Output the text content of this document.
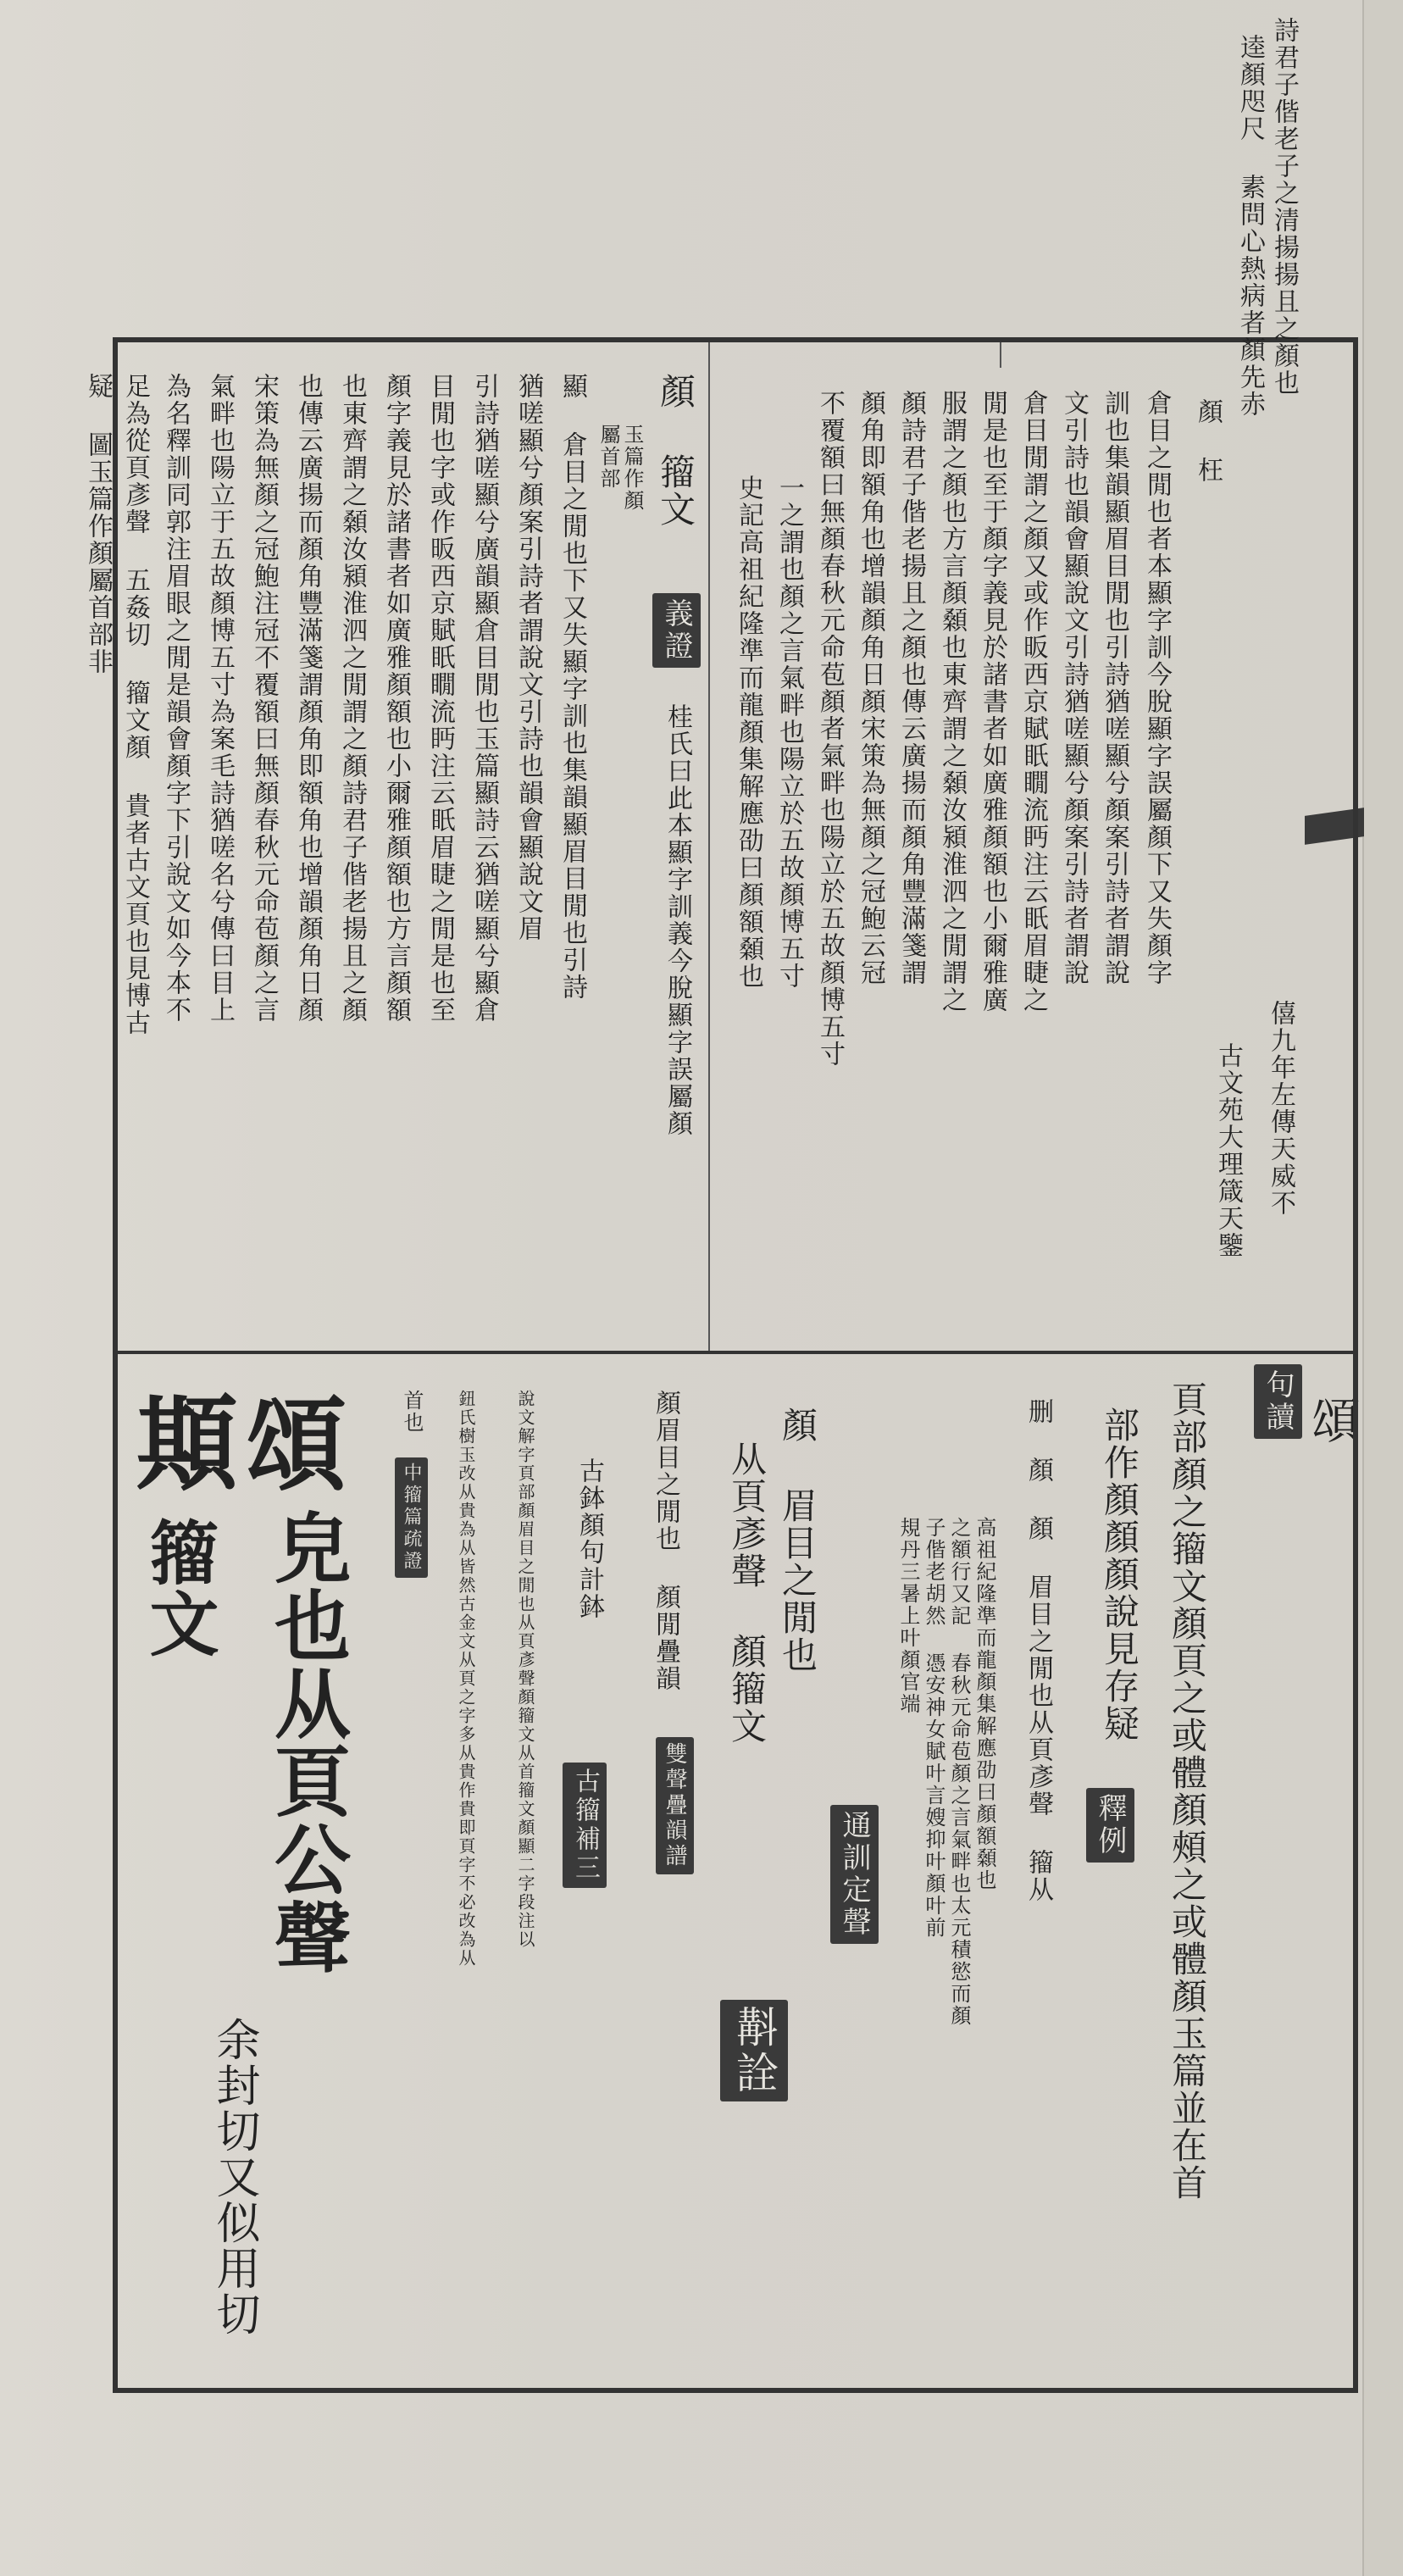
頌
詩君子偕老子之清揚揚且之顏也
逵顏咫尺 素問心熱病者顏先赤
古文苑大理箴天鑒 僖九年左傳天威不
顏 枉
倉目之閒也者本顯字訓今脫顯字誤屬顏下又失顏字
訓也集韻顯眉目閒也引詩猶嗟顯兮顏案引詩者謂說
文引詩也韻會顯說文引詩猶嗟顯兮顏案引詩者謂說
倉目閒謂之顏又或作昄西京賦眂瞯流眄注云眂眉睫之
閒是也至于顏字義見於諸書者如廣雅顏額也小爾雅廣
服謂之顏也方言顏顙也東齊謂之顙汝潁淮泗之閒謂之
顏詩君子偕老揚且之顏也傳云廣揚而顏角豐滿箋謂
顏角即額角也增韻顏角日顏宋策為無顏之冠鮑云冠
不覆額曰無顏春秋元命苞顏者氣畔也陽立於五故顏博五寸
一之謂也顏之言氣畔也陽立於五故顏博五寸
史記高祖紀隆準而龍顏集解應劭曰顏額顙也
義證
顏 籀文
玉篇作顏
屬首部
桂氏曰此本顯字訓義今脫顯字誤屬顏
顯 倉目之閒也下又失顯字訓也集韻顯眉目閒也引詩
猶嗟顯兮顏案引詩者謂說文引詩也韻會顯說文眉
引詩猶嗟顯兮廣韻顯倉目閒也玉篇顯詩云猶嗟顯兮顯倉
目閒也字或作昄西京賦眂瞯流眄注云眂眉睫之閒是也至
顏字義見於諸書者如廣雅顏額也小爾雅顏額也方言顏額
也東齊謂之顙汝潁淮泗之閒謂之顏詩君子偕老揚且之顏
也傳云廣揚而顏角豐滿箋謂顏角即額角也增韻顏角日顏
宋策為無顏之冠鮑注冠不覆額曰無顏春秋元命苞顏之言
氣畔也陽立于五故顏博五寸為案毛詩猶嗟名兮傳曰目上
為名釋訓同郭注眉眼之閒是韻會顏字下引說文如今本不
足為從頁彥聲 五姦切 籀文顏 貴者古文頁也見博古
疑 圖玉篇作顏屬首部非
句讀
頁部顏之籀文顏頁之或體顏頰之或體顏玉篇並在首
部作顏顏顏說見存疑
釋例
删 顏 顏 眉目之閒也从頁彥聲 籀从
高祖紀隆準而龍顏集解應劭曰顏額顙也
之額行又記 春秋元命苞顏之言氣畔也太元積慾而顏
子偕老胡然 憑安神女賦叶言嫂抑叶顏叶前
規丹三暑上叶顏官端
通訓定聲
顏 眉目之閒也
从頁彥聲 顏籀文
斠詮
顏眉目之閒也 顏閒疊韻
雙聲疊韻譜
古鉢顏句計鉢
古籀補三
說文解字頁部顏眉目之閒也从頁彥聲顏籀文从首籀文顏顯二字段注以
鈕氏樹玉改从貴為从皆然古金文从頁之字多从貴作貴即頁字不必改為从
首也
中籀篇疏證
頌
䫏
皃也从頁公聲
余封切又似用切
籀文
